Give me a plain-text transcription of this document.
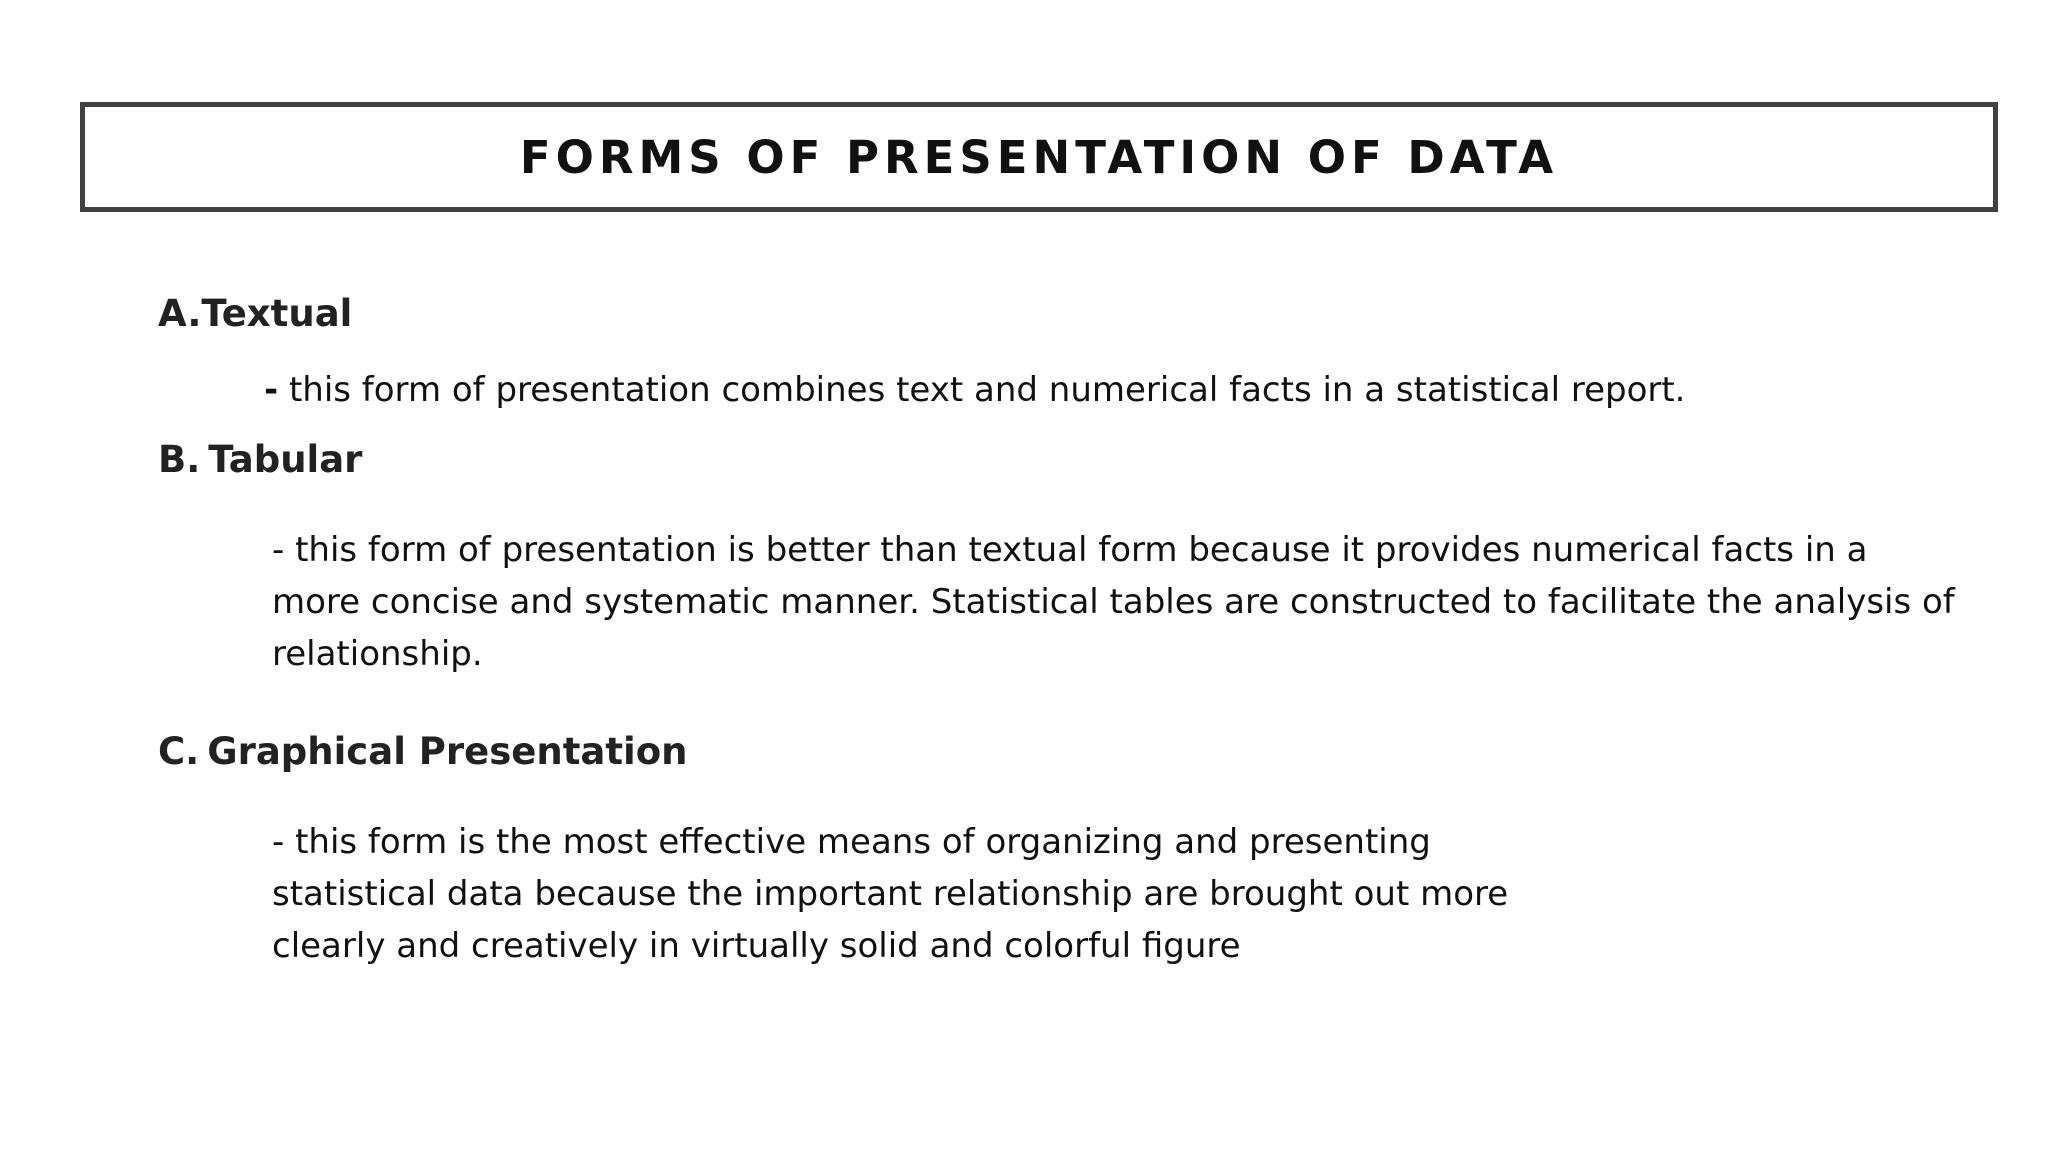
FORMS OF PRESENTATION OF DATA
A.Textual
- this form of presentation combines text and numerical facts in a statistical report.
B. Tabular
- this form of presentation is better than textual form because it provides numerical facts in a
more concise and systematic manner. Statistical tables are constructed to facilitate the analysis of
relationship.
C. Graphical Presentation
- this form is the most effective means of organizing and presenting
statistical data because the important relationship are brought out more
clearly and creatively in virtually solid and colorful figure
